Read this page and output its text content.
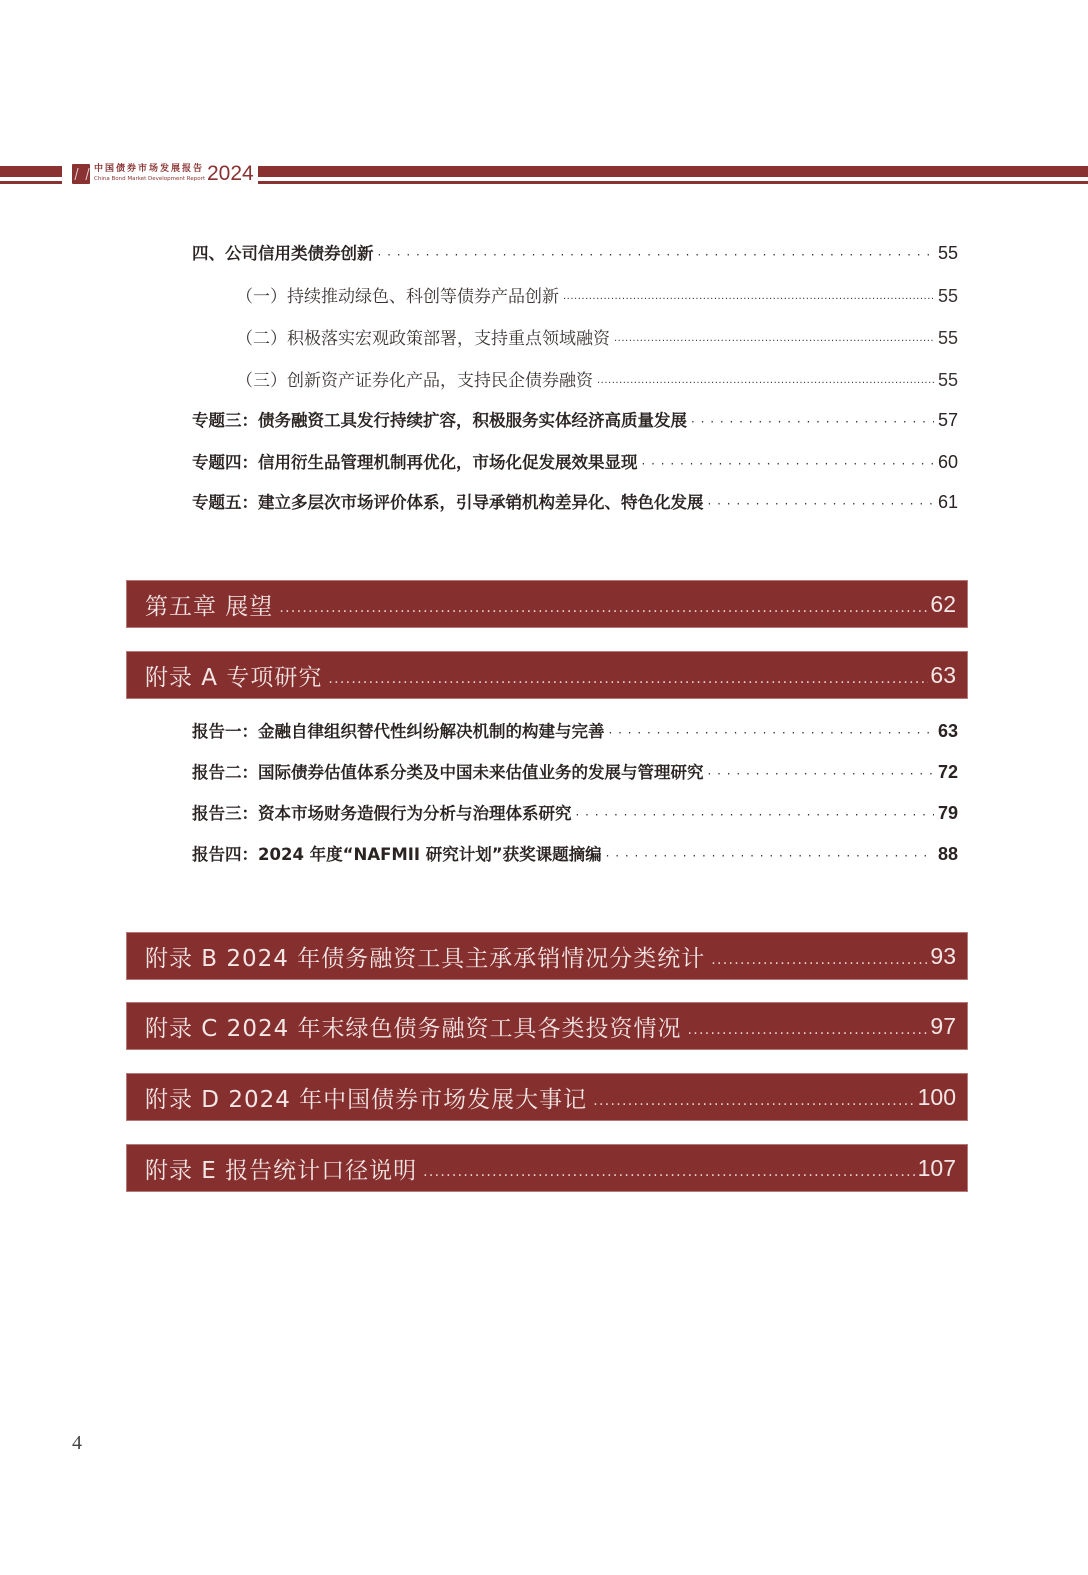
中国债券市场发展报告
China Bond Market Development Report 2024
四、公司信用类债券创新 · · ·	55
（一）持续推动绿色、科创等债券产品创新 ·····	55
（二）积极落实宏观政策部署，支持重点领域融资 ·····	55
（三）创新资产证券化产品，支持民企债券融资 ·····	55
专题三：债务融资工具发行持续扩容，积极服务实体经济高质量发展 · · ·	57
专题四：信用衍生品管理机制再优化，市场化促发展效果显现 · · ·	60
专题五：建立多层次市场评价体系，引导承销机构差异化、特色化发展 · · ·	61
第五章 展望 .....	62
附录 A 专项研究 .....	63
报告一：金融自律组织替代性纠纷解决机制的构建与完善 · · ·	63
报告二：国际债券估值体系分类及中国未来估值业务的发展与管理研究 · · ·	72
报告三：资本市场财务造假行为分析与治理体系研究 · · ·	79
报告四：2024 年度“NAFMII 研究计划”获奖课题摘编 · · ·	88
附录 B 2024 年债务融资工具主承承销情况分类统计 .....	93
附录 C 2024 年末绿色债务融资工具各类投资情况 .....	97
附录 D 2024 年中国债券市场发展大事记 .....	100
附录 E 报告统计口径说明 .....	107
4
